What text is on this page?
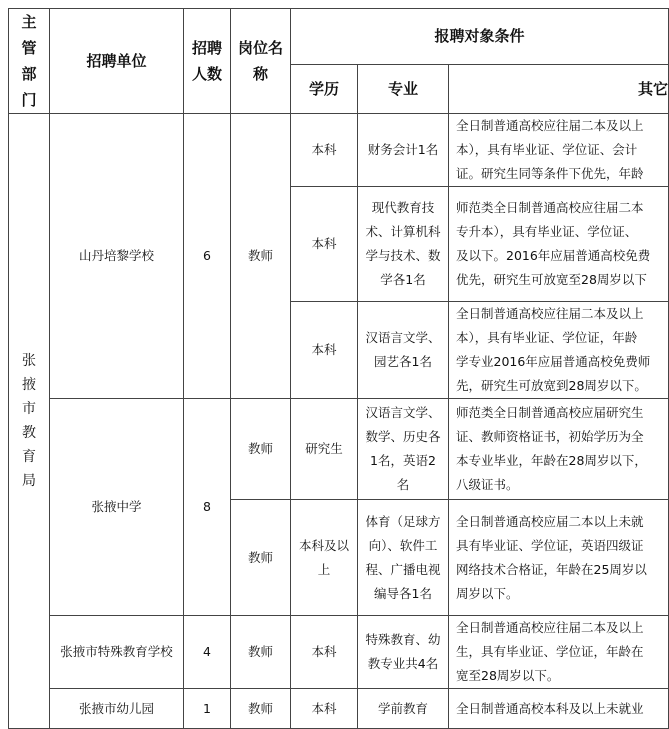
主管部门	招聘单位	招聘人数	岗位名称	报聘对象条件		
				学历	专业	其它

张掖市教育局	山丹培黎学校	6	教师	本科	财务会计1名	全日制普通高校应往届二本及以上
本），具有毕业证、学位证、会计
证。研究生同等条件下优先，年龄

				本科	现代教育技术、计算机科学与技术、数学各1名	师范类全日制普通高校应往届二本
专升本），具有毕业证、学位证、
及以下。2016年应届普通高校免费
优先，研究生可放宽至28周岁以下

				本科	汉语言文学、园艺各1名	全日制普通高校应往届二本及以上
本），具有毕业证、学位证，年龄
学专业2016年应届普通高校免费师
先，研究生可放宽到28周岁以下。

	张掖中学	8	教师	研究生	汉语言文学、数学、历史各1名，英语2名	师范类全日制普通高校应届研究生
证、教师资格证书，初始学历为全
本专业毕业，年龄在28周岁以下，
八级证书。

			教师	本科及以上	体育（足球方向）、软件工程、广播电视编导各1名	全日制普通高校应届二本以上未就
具有毕业证、学位证，英语四级证
网络技术合格证，年龄在25周岁以
周岁以下。

	张掖市特殊教育学校	4	教师	本科	特殊教育、幼教专业共4名	全日制普通高校应往届二本及以上
生，具有毕业证、学位证，年龄在
宽至28周岁以下。

	张掖市幼儿园	1	教师	本科	学前教育	全日制普通高校本科及以上未就业
